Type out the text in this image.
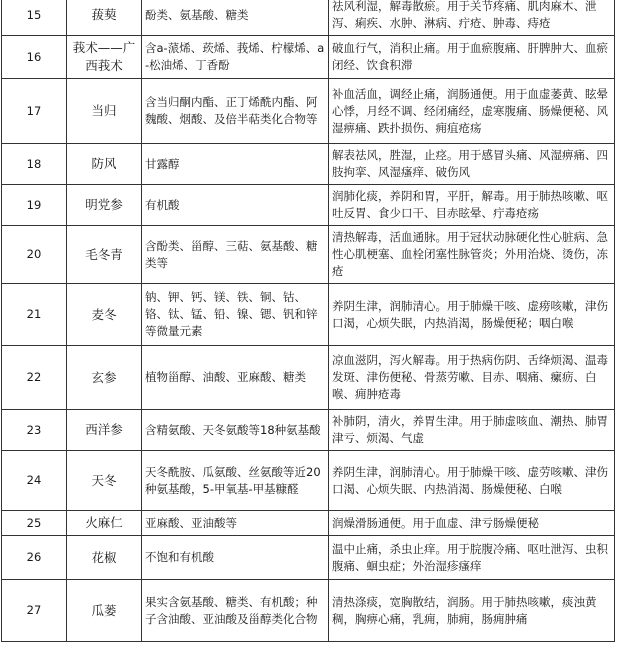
15	菝葜	酚类、氨基酸、糖类	祛风利湿，解毒散瘀。用于关节疼痛、肌肉麻木、泄泻、痢疾、水肿、淋病、疔疮、肿毒、痔疮
16	莪术——广西莪术	含a-蒎烯、莰烯、莪烯、柠檬烯、a-松油烯、丁香酚	破血行气，消积止痛。用于血瘀腹痛、肝脾肿大、血瘀闭经、饮食积滞
17	当归	含当归酮内酯、正丁烯酰内酯、阿魏酸、烟酸、及倍半萜类化合物等	补血活血，调经止痛，润肠通便。用于血虚萎黄、眩晕心悸，月经不调、经闭痛经，虚寒腹痛、肠燥便秘、风湿痹痛、跌扑损伤、痈疽疮疡
18	防风	甘露醇	解表祛风，胜湿，止痉。用于感冒头痛、风湿痹痛、四肢拘挛、风湿瘙痒、破伤风
19	明党参	有机酸	润肺化痰，养阴和胃，平肝，解毒。用于肺热咳嗽、呕吐反胃、食少口干、目赤眩晕、疔毒疮疡
20	毛冬青	含酚类、甾醇、三萜、氨基酸、糖类等	清热解毒，活血通脉。用于冠状动脉硬化性心脏病、急性心肌梗塞、血栓闭塞性脉管炎；外用治烧、烫伤，冻疮
21	麦冬	钠、钾、钙、镁、铁、铜、钴、铬、钛、锰、铅、镍、锶、钒和锌等微量元素	养阴生津，润肺清心。用于肺燥干咳、虚痨咳嗽，津伤口渴，心烦失眠，内热消渴，肠燥便秘；咽白喉
22	玄参	植物甾醇、油酸、亚麻酸、糖类	凉血滋阴，泻火解毒。用于热病伤阴、舌绛烦渴、温毒发斑、津伤便秘、骨蒸劳嗽、目赤、咽痛、瘰疬、白喉、痈肿疮毒
23	西洋参	含精氨酸、天冬氨酸等18种氨基酸	补肺阴，清火，养胃生津。用于肺虚咳血、潮热、肺胃津亏、烦渴、气虚
24	天冬	天冬酰胺、瓜氨酸、丝氨酸等近20种氨基酸，5-甲氧基-甲基糠醛	养阴生津，润肺清心。用于肺燥干咳、虚劳咳嗽、津伤口渴、心烦失眠、内热消渴、肠燥便秘、白喉
25	火麻仁	亚麻酸、亚油酸等	润燥滑肠通便。用于血虚、津亏肠燥便秘
26	花椒	不饱和有机酸	温中止痛，杀虫止痒。用于脘腹冷痛、呕吐泄泻、虫积腹痛、蛔虫症；外治湿疹瘙痒
27	瓜蒌	果实含氨基酸、糖类、有机酸；种子含油酸、亚油酸及甾醇类化合物	清热涤痰，宽胸散结，润肠。用于肺热咳嗽，痰浊黄稠，胸痹心痛，乳痈，肺痈，肠痈肿痛
